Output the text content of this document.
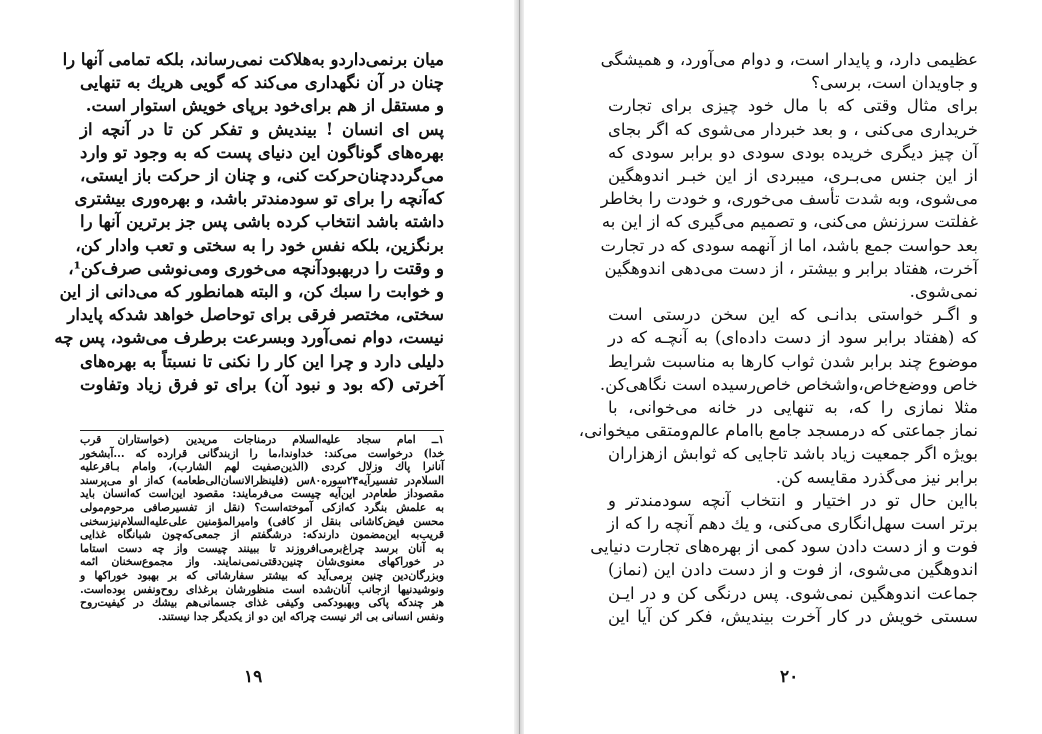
میان برنمی‌داردو به‌هلاکت نمی‌رساند، بلکه تمامی آنها را
چنان در آن نگهداری می‌کند که گویی هریك به تنهایی
و مستقل از هم برای‌خود برپای خویش استوار است.
پس ای انسان ! بیندیش و تفکر کن تا در آنچه از
بهره‌های گوناگون این دنیای پست که به وجود تو وارد
می‌گردد‌چنان‌حرکت کنی، و چنان از حرکت باز ایستی،
که‌آنچه را برای تو سودمندتر باشد، و بهره‌وری بیشتری
داشته باشد انتخاب کرده باشی پس جز برترین آنها را
برنگزین، بلکه نفس خود را به سختی و تعب وادار کن،
و وقتت را دربهبودآنچه می‌خوری ومی‌نوشی صرف‌کن¹،
و خوابت را سبك کن، و البته همانطور که می‌دانی از این
سختی، مختصر فرقی برای توحاصل خواهد شدکه پایدار
نیست، دوام نمی‌آورد وبسرعت برطرف می‌شود، پس چه
دلیلی دارد و چرا این کار را نکنی تا نسبتاً به بهره‌های
آخرتی (که بود و نبود آن) برای تو فرق زیاد وتفاوت
۱ــ امام سجاد علیه‌السلام درمناجات مریدین (خواستاران قرب
خدا) درخواست می‌کند: خداوندا‌،ما را ازبندگانی قرارده که ...آبشخور
آنانرا پاك وزلال کردی (الذین‌صفیت لهم الشارب)، وامام بـاقرعلیه
السلام‌در تفسیرآیه۲۴سوره۸۰س (فلینظرالانسان‌الی‌طعامه) که‌از او می‌پرسند
مقصوداز طعام‌در این‌آیه چیست می‌فرمایند: مقصود این‌است که‌انسان باید
به علمش بنگرد که‌ازکی آموخته‌است؟ (نقل از تفسیرصافی مرحوم‌مولی
محسن فیض‌کاشانی بنقل از کافی) وامیرالمؤمنین علی‌علیه‌السلام‌نیزسخنی
قریب‌به این‌مضمون دارندکه: درشگفتم از جمعی‌که‌چون شبانگاه غذایی
به آنان برسد چراغ‌برمی‌افروزند تا ببینند چیست واز چه دست استاما
در خوراکهای معنوی‌شان چنین‌دقتی‌نمی‌نمایند. واز مجموع‌سخنان ائمه
وبزرگان‌دین چنین برمی‌آید که بیشتر سفارشاتی که بر بهبود خوراکها و
ونوشیدنیها ازجانب آنان‌شده است منظورشان برغذای روح‌ونفس بوده‌است.
هر چندکه پاکی وبهبودکمی وکیفی غذای جسمانی‌هم بیشك در کیفیت‌روح
ونفس انسانی بی اثر نیست چراکه این دو از یکدیگر جدا نیستند.
۱۹
عظیمی دارد، و پایدار است، و دوام می‌آورد، و همیشگی
و جاویدان است، برسی؟
برای مثال وقتی که با مال خود چیزی برای تجارت
خریداری می‌کنی ، و بعد خبردار می‌شوی که اگر بجای
آن چیز دیگری خریده بودی سودی دو برابر سودی که
از این جنس می‌بـری، میبردی از این خبـر اندوهگین
می‌شوی، وبه شدت تأسف می‌خوری، و خودت را بخاطر
غفلتت سرزنش می‌کنی، و تصمیم می‌گیری که از این به
بعد حواست جمع باشد، اما از آنهمه سودی که در تجارت
آخرت، هفتاد برابر و بیشتر ، از دست می‌دهی اندوهگین
نمی‌شوی.
و اگـر خواستی بدانـی که این سخن درستی است
که (هفتاد برابر سود از دست داده‌ای) به آنچـه که در
موضوع چند برابر شدن ثواب کارها به مناسبت شرایط
خاص ووضع‌خاص،واشخاص خاص‌رسیده است نگاهی‌کن.
مثلا نمازی را که، به تنهایی در خانه می‌خوانی، با
نماز جماعتی که درمسجد جامع باامام عالم‌ومتقی میخوانی،
بویژه اگر جمعیت زیاد باشد تاجایی که ثوابش ازهزاران
برابر نیز می‌گذرد مقایسه کن.
بااین حال تو در اختیار و انتخاب آنچه سودمندتر و
برتر است سهل‌انگاری می‌کنی، و یك دهم آنچه را که از
فوت و از دست دادن سود کمی از بهره‌های تجارت دنیایی
اندوهگین می‌شوی، از فوت و از دست دادن این (نماز)
جماعت اندوهگین نمی‌شوی. پس درنگی کن و در ایـن
سستی خویش در کار آخرت بیندیش، فکر کن آیا این
۲۰
